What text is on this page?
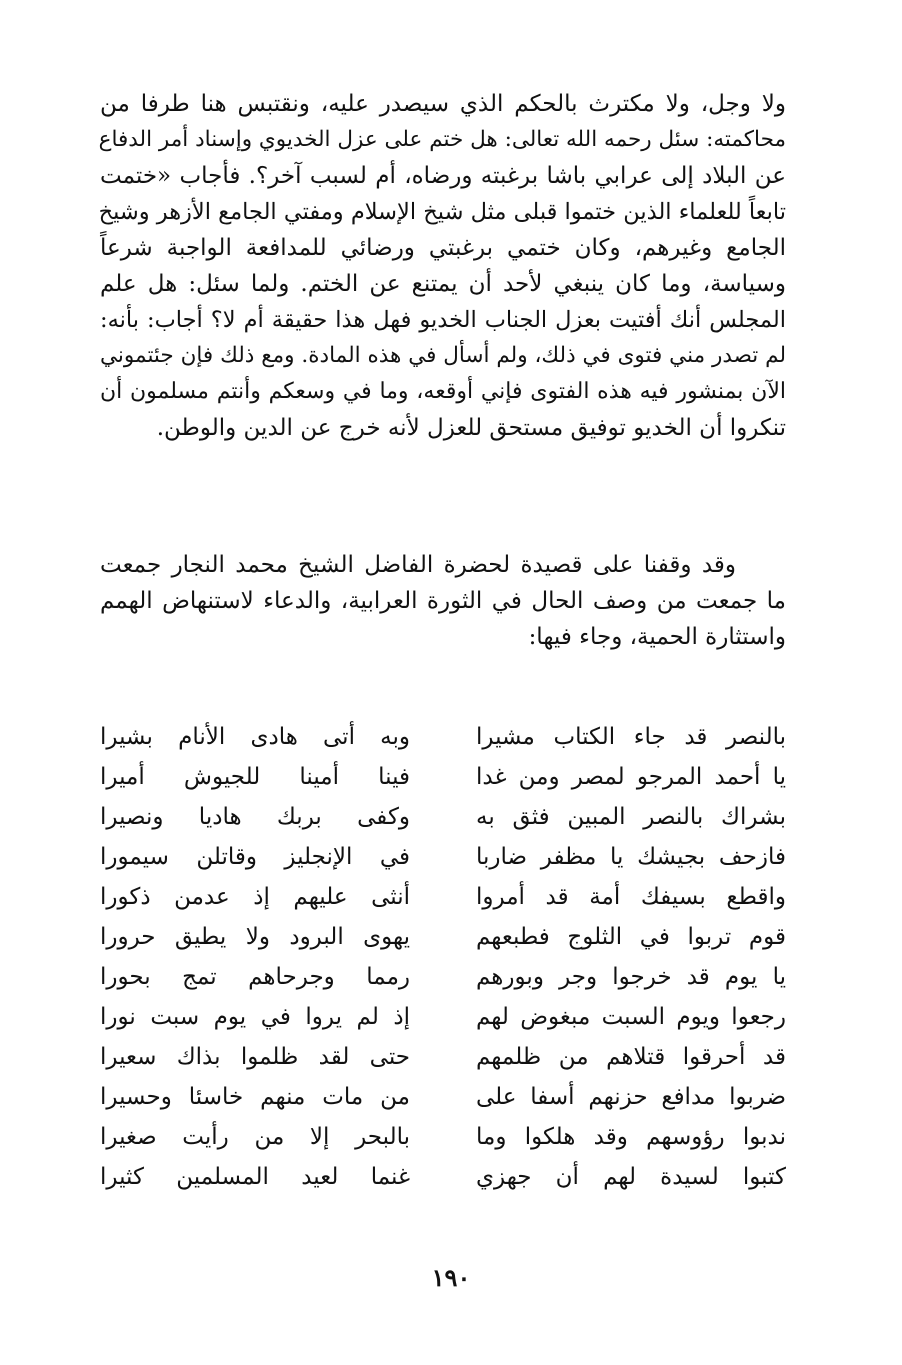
ولا وجل، ولا مكترث بالحكم الذي سيصدر عليه، ونقتبس هنا طرفا من
محاكمته: سئل رحمه الله تعالى: هل ختم على عزل الخديوي وإسناد أمر الدفاع
عن البلاد إلى عرابي باشا برغبته ورضاه، أم لسبب آخر؟. فأجاب «ختمت
تابعاً للعلماء الذين ختموا قبلى مثل شيخ الإسلام ومفتي الجامع الأزهر وشيخ
الجامع وغيرهم، وكان ختمي برغبتي ورضائي للمدافعة الواجبة شرعاً
وسياسة، وما كان ينبغي لأحد أن يمتنع عن الختم. ولما سئل: هل علم
المجلس أنك أفتيت بعزل الجناب الخديو فهل هذا حقيقة أم لا؟ أجاب: بأنه:
لم تصدر مني فتوى في ذلك، ولم أسأل في هذه المادة. ومع ذلك فإن جئتموني
الآن بمنشور فيه هذه الفتوى فإني أوقعه، وما في وسعكم وأنتم مسلمون أن
تنكروا أن الخديو توفيق مستحق للعزل لأنه خرج عن الدين والوطن.
وقد وقفنا على قصيدة لحضرة الفاضل الشيخ محمد النجار جمعت
ما جمعت من وصف الحال في الثورة العرابية، والدعاء لاستنهاض الهمم
واستثارة الحمية، وجاء فيها:
بالنصر قد جاء الكتاب مشيرا
يا أحمد المرجو لمصر ومن غدا
بشراك بالنصر المبين فثق به
فازحف بجيشك يا مظفر ضاربا
واقطع بسيفك أمة قد أمروا
قوم تربوا في الثلوج فطبعهم
يا يوم قد خرجوا وجر وبورهم
رجعوا ويوم السبت مبغوض لهم
قد أحرقوا قتلاهم من ظلمهم
ضربوا مدافع حزنهم أسفا على
ندبوا رؤوسهم وقد هلكوا وما
كتبوا لسيدة لهم أن جهزي
وبه أتى هادى الأنام بشيرا
فينا أمينا للجيوش أميرا
وكفى بربك هاديا ونصيرا
في الإنجليز وقاتلن سيمورا
أنثى عليهم إذ عدمن ذكورا
يهوى البرود ولا يطيق حرورا
رمما وجرحاهم تمج بحورا
إذ لم يروا في يوم سبت نورا
حتى لقد ظلموا بذاك سعيرا
من مات منهم خاسئا وحسيرا
بالبحر إلا من رأيت صغيرا
غنما لعيد المسلمين كثيرا
١٩٠
